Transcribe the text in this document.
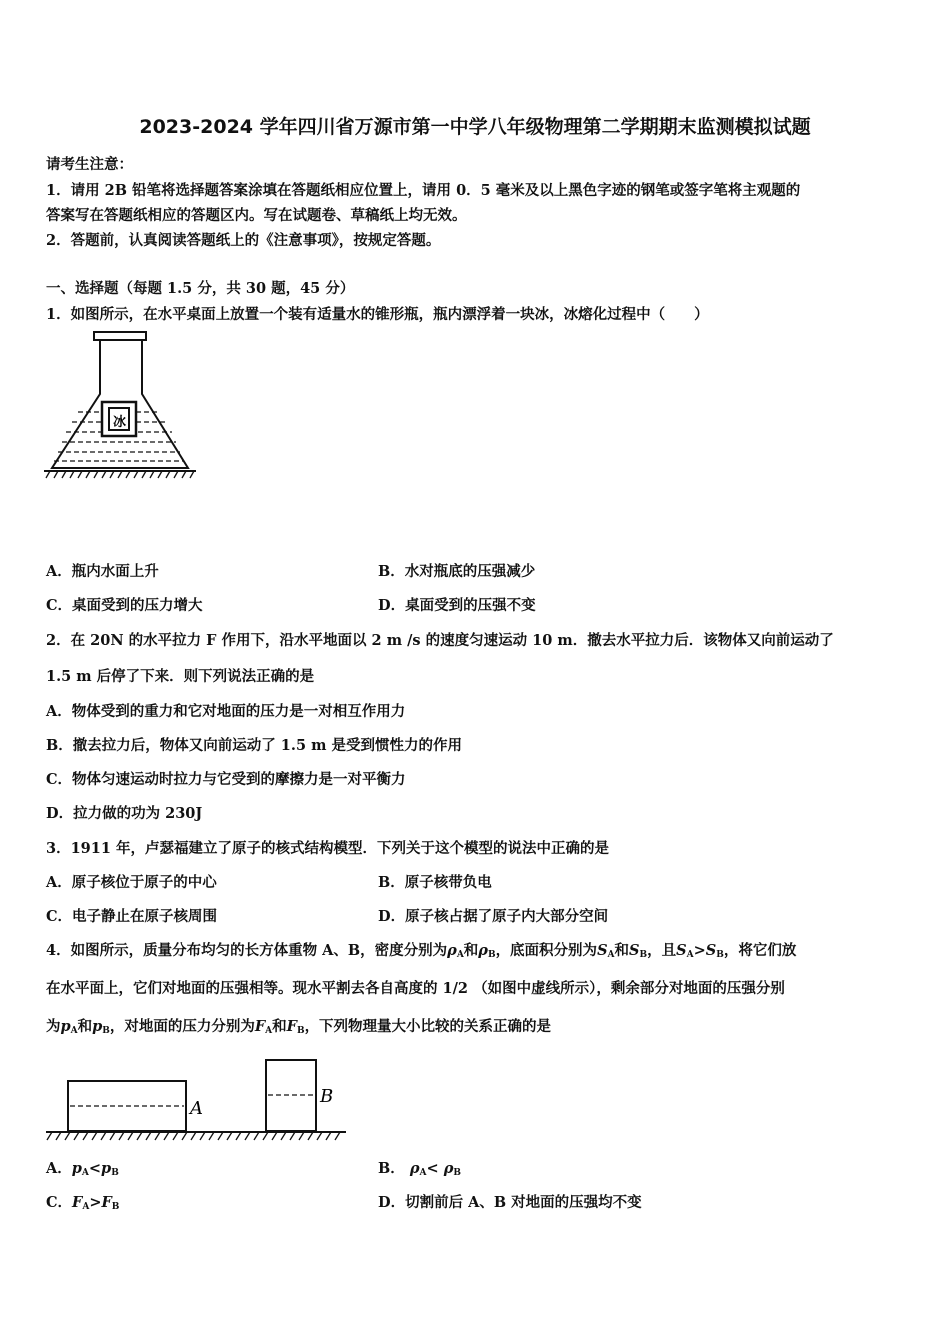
2023-2024 学年四川省万源市第一中学八年级物理第二学期期末监测模拟试题
请考生注意：
1．请用 2B 铅笔将选择题答案涂填在答题纸相应位置上，请用 0．5 毫米及以上黑色字迹的钢笔或签字笔将主观题的
答案写在答题纸相应的答题区内。写在试题卷、草稿纸上均无效。
2．答题前，认真阅读答题纸上的《注意事项》，按规定答题。
一、选择题（每题 1.5 分，共 30 题，45 分）
1．如图所示，在水平桌面上放置一个装有适量水的锥形瓶，瓶内漂浮着一块冰，冰熔化过程中（　　）
冰
A．瓶内水面上升	B．水对瓶底的压强减少
C．桌面受到的压力增大	D．桌面受到的压强不变
2．在 20N 的水平拉力 F 作用下，沿水平地面以 2 m /s 的速度匀速运动 10 m．撤去水平拉力后．该物体又向前运动了
1.5 m 后停了下来．则下列说法正确的是
A．物体受到的重力和它对地面的压力是一对相互作用力
B．撤去拉力后，物体又向前运动了 1.5 m 是受到惯性力的作用
C．物体匀速运动时拉力与它受到的摩擦力是一对平衡力
D．拉力做的功为 230J
3．1911 年，卢瑟福建立了原子的核式结构模型．下列关于这个模型的说法中正确的是
A．原子核位于原子的中心	B．原子核带负电
C．电子静止在原子核周围	D．原子核占据了原子内大部分空间
4．如图所示，质量分布均匀的长方体重物 A、B，密度分别为$\rho_A$和$\rho_B$，底面积分别为$S_A$和$S_B$，且$S_A>S_B$，将它们放
在水平面上，它们对地面的压强相等。现水平割去各自高度的 1/2 （如图中虚线所示），剩余部分对地面的压强分别
为$p_A$和$p_B$，对地面的压力分别为$F_A$和$F_B$，下列物理量大小比较的关系正确的是
A
B
A．$p_A<p_B$	B． $\rho_A< \rho_B$
C．$F_A>F_B$	D．切割前后 A、B 对地面的压强均不变
